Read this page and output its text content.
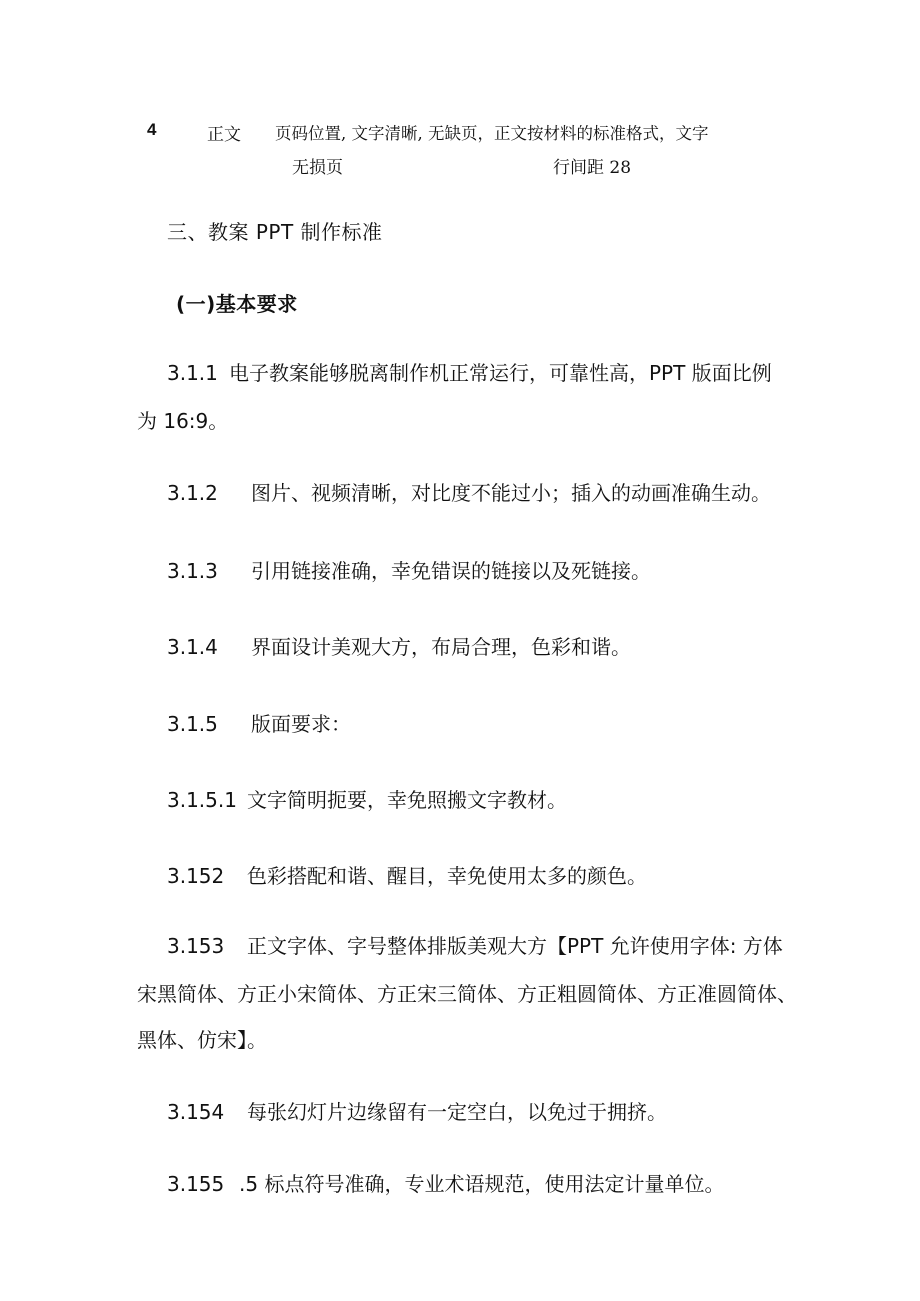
4	正文 页码位置, 文字清晰, 无缺页，正文按材料的标准格式，文字
无损页	行间距 28
三、教案 PPT 制作标准
(一)基本要求
3.1.1 电子教案能够脱离制作机正常运行，可靠性高，PPT 版面比例
为 16:9。
3.1.2 图片、视频清晰，对比度不能过小；插入的动画准确生动。
3.1.3 引用链接准确，幸免错误的链接以及死链接。
3.1.4 界面设计美观大方，布局合理，色彩和谐。
3.1.5 版面要求：
3.1.5.1 文字简明扼要，幸免照搬文字教材。
3.152 色彩搭配和谐、醒目，幸免使用太多的颜色。
3.153 正文字体、字号整体排版美观大方【PPT 允许使用字体: 方体
宋黑简体、方正小宋简体、方正宋三简体、方正粗圆简体、方正准圆简体、
黑体、仿宋】。
3.154 每张幻灯片边缘留有一定空白，以免过于拥挤。
3.155 .5 标点符号准确，专业术语规范，使用法定计量单位。
